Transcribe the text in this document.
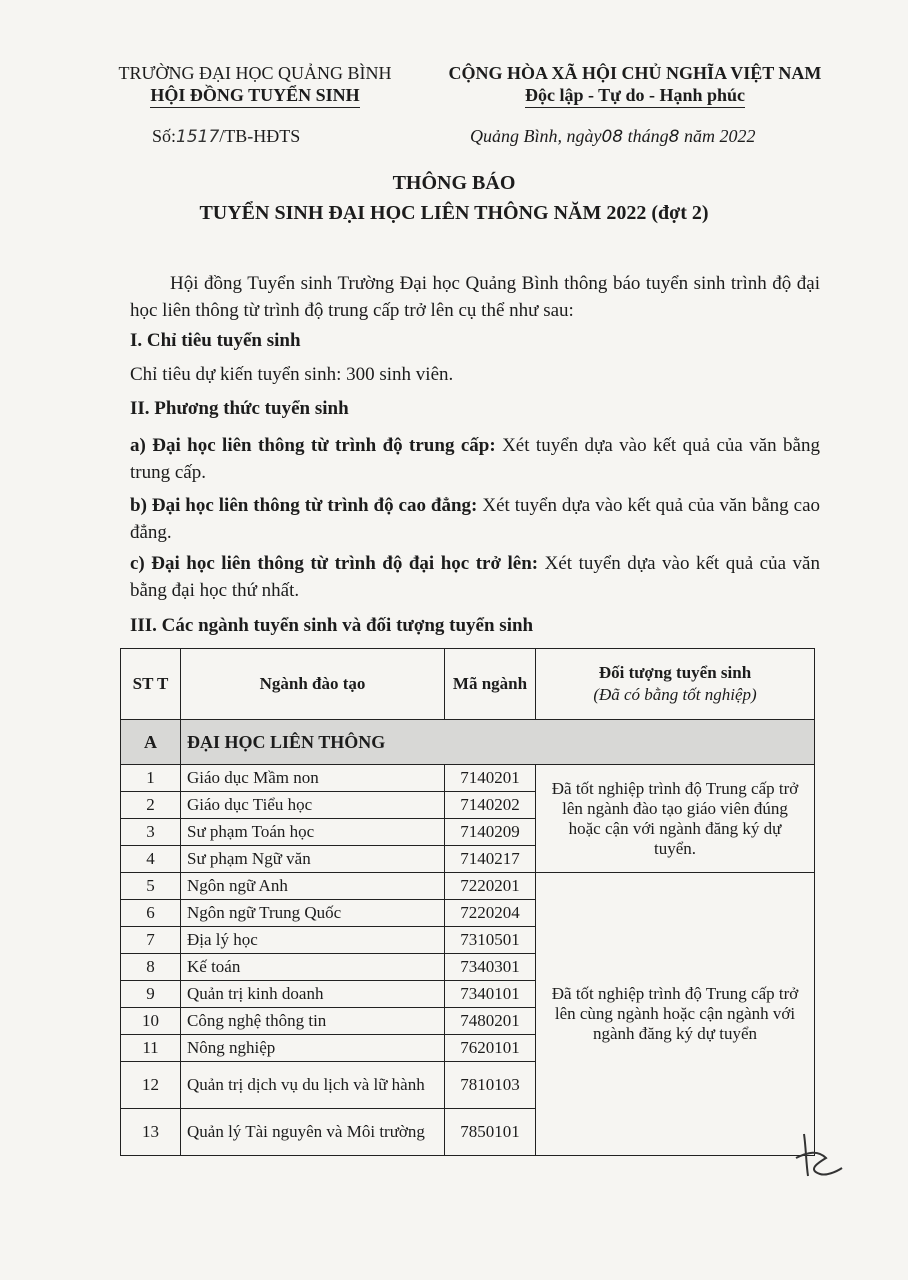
TRƯỜNG ĐẠI HỌC QUẢNG BÌNH
HỘI ĐỒNG TUYỂN SINH
Số:1517/TB-HĐTS
CỘNG HÒA XÃ HỘI CHỦ NGHĨA VIỆT NAM
Độc lập - Tự do - Hạnh phúc
Quảng Bình, ngày08 tháng8 năm 2022
THÔNG BÁO
TUYỂN SINH ĐẠI HỌC LIÊN THÔNG NĂM 2022 (đợt 2)
Hội đồng Tuyển sinh Trường Đại học Quảng Bình thông báo tuyển sinh trình độ đại học liên thông từ trình độ trung cấp trở lên cụ thể như sau:
I. Chỉ tiêu tuyển sinh
Chỉ tiêu dự kiến tuyển sinh: 300 sinh viên.
II. Phương thức tuyển sinh
a) Đại học liên thông từ trình độ trung cấp: Xét tuyển dựa vào kết quả của văn bằng trung cấp.
b) Đại học liên thông từ trình độ cao đẳng: Xét tuyển dựa vào kết quả của văn bằng cao đẳng.
c) Đại học liên thông từ trình độ đại học trở lên: Xét tuyển dựa vào kết quả của văn bằng đại học thứ nhất.
III. Các ngành tuyển sinh và đối tượng tuyển sinh
ST T	Ngành đào tạo	Mã ngành	Đối tượng tuyển sinh
(Đã có bằng tốt nghiệp)

A	ĐẠI HỌC LIÊN THÔNG		
1	Giáo dục Mầm non	7140201	Đã tốt nghiệp trình độ Trung cấp trở lên ngành đào tạo giáo viên đúng hoặc cận với ngành đăng ký dự tuyển.
2	Giáo dục Tiểu học	7140202	
3	Sư phạm Toán học	7140209	
4	Sư phạm Ngữ văn	7140217	
5	Ngôn ngữ Anh	7220201	Đã tốt nghiệp trình độ Trung cấp trở lên cùng ngành hoặc cận ngành với ngành đăng ký dự tuyển
6	Ngôn ngữ Trung Quốc	7220204	
7	Địa lý học	7310501	
8	Kế toán	7340301	
9	Quản trị kinh doanh	7340101	
10	Công nghệ thông tin	7480201	
11	Nông nghiệp	7620101	
12	Quản trị dịch vụ du lịch và lữ hành	7810103	
13	Quản lý Tài nguyên và Môi trường	7850101	
